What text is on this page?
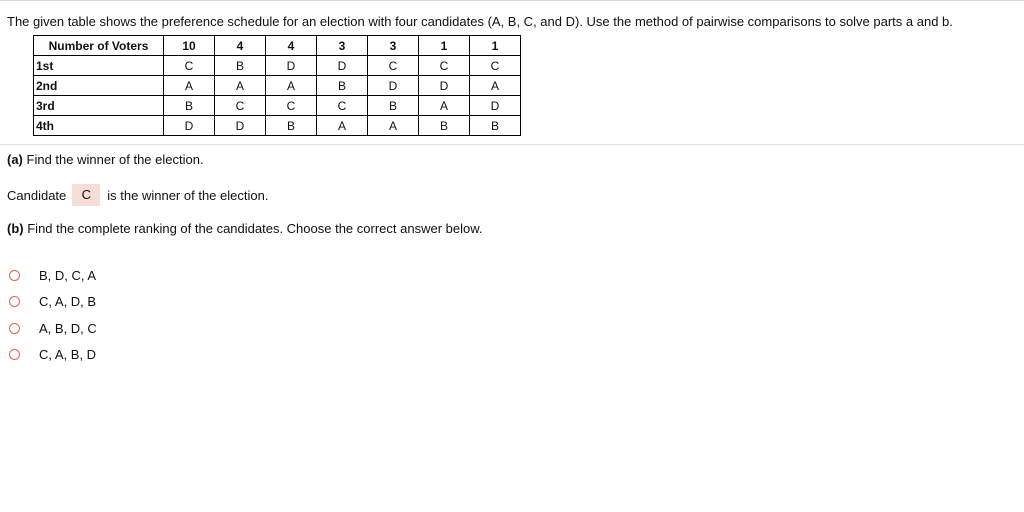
The given table shows the preference schedule for an election with four candidates (A, B, C, and D). Use the method of pairwise comparisons to solve parts a and b.
Number of Voters	10	4	4	3	3	1	1
1st	C	B	D	D	C	C	C
2nd	A	A	A	B	D	D	A
3rd	B	C	C	C	B	A	D
4th	D	D	B	A	A	B	B
(a) Find the winner of the election.
Candidate	C	is the winner of the election.
(b) Find the complete ranking of the candidates. Choose the correct answer below.
B, D, C, A
C, A, D, B
A, B, D, C
C, A, B, D
